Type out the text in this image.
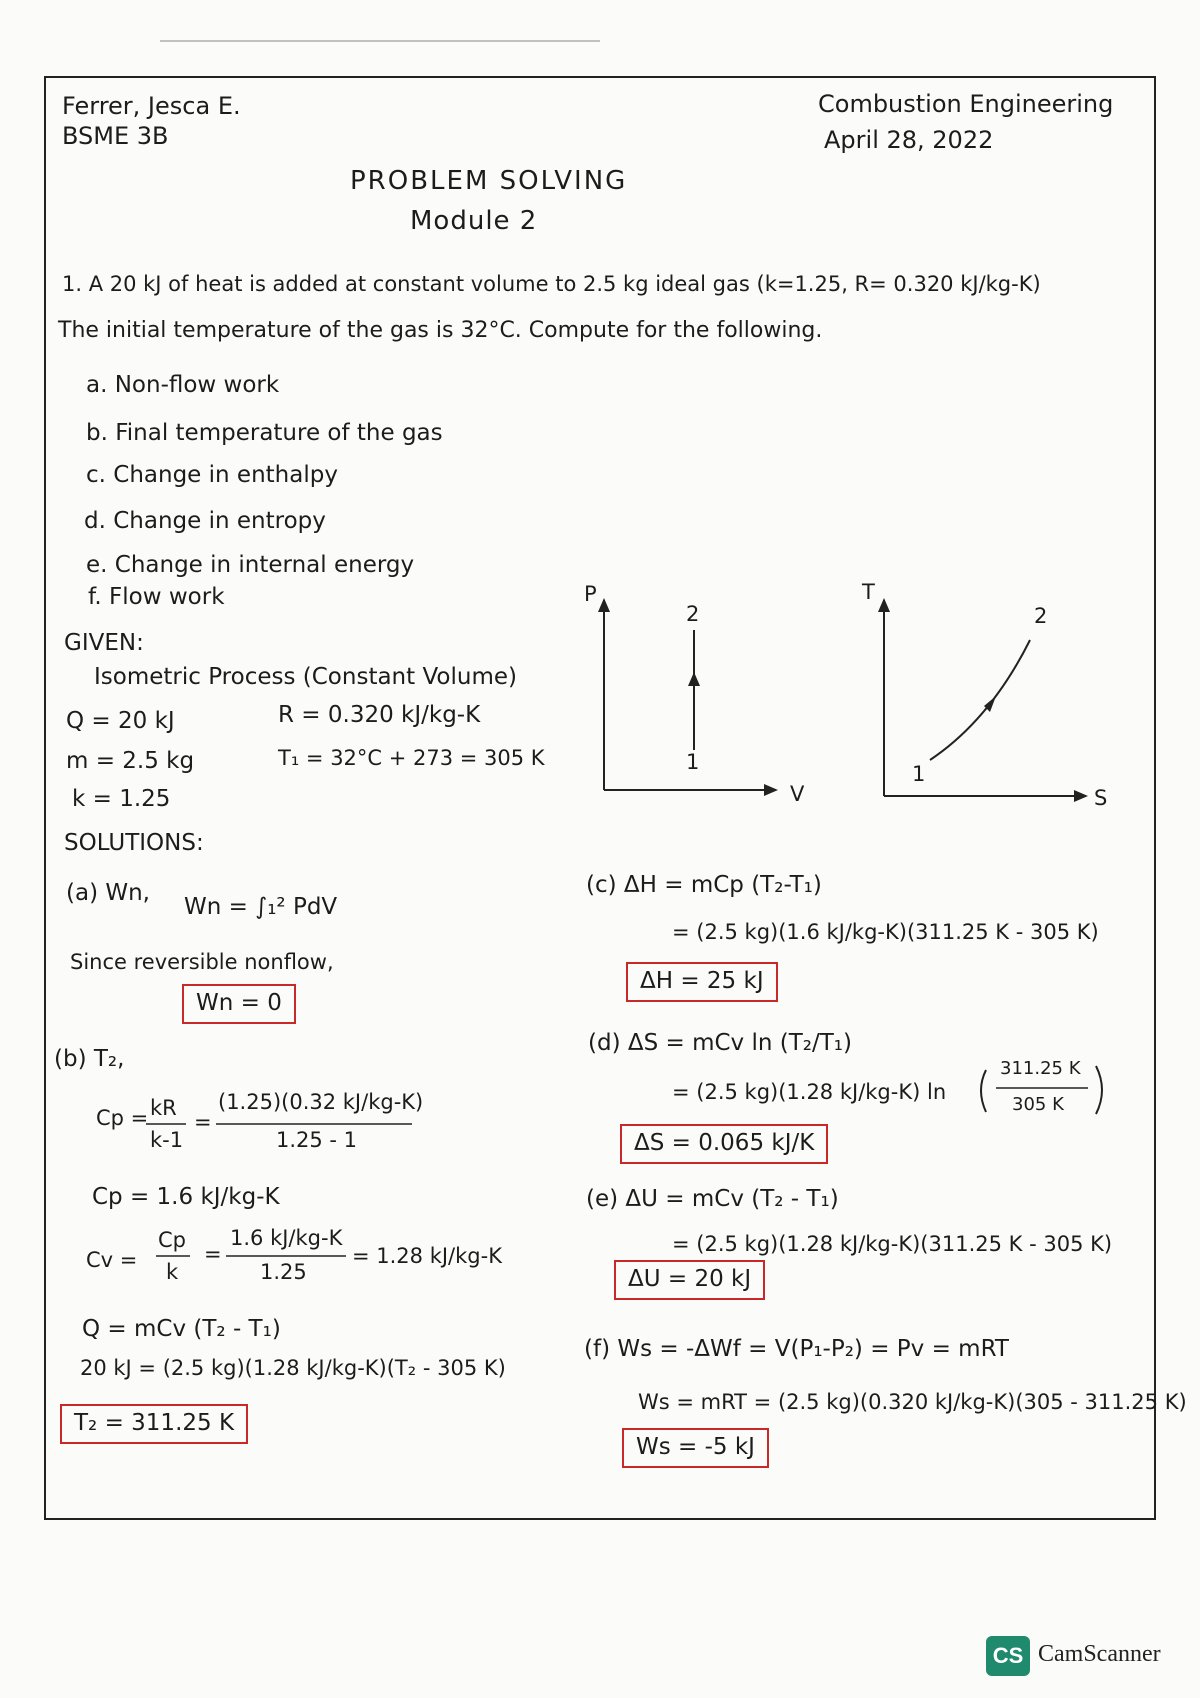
Ferrer, Jesca E.
BSME 3B
Combustion Engineering
April 28, 2022
PROBLEM SOLVING
Module 2
1. A 20 kJ of heat is added at constant volume to 2.5 kg ideal gas (k=1.25, R= 0.320 kJ/kg-K)
The initial temperature of the gas is 32°C. Compute for the following.
a. Non-flow work
b. Final temperature of the gas
c. Change in enthalpy
d. Change in entropy
e. Change in internal energy
f. Flow work
GIVEN:
Isometric Process (Constant Volume)
Q = 20 kJ	R = 0.320 kJ/kg-K
m = 2.5 kg	T₁ = 32°C + 273 = 305 K
k = 1.25
P
V
2
1
T
S
2
1
SOLUTIONS:
(a) Wn,
Wn = ∫₁² PdV
Since reversible nonflow,
Wn = 0
(b) T₂,
Cp = kR
k-1
=
(1.25)(0.32 kJ/kg-K)
1.25 - 1
Cp = 1.6 kJ/kg-K
Cv =
Cp
k
=
1.6 kJ/kg-K
1.25
= 1.28 kJ/kg-K
Q = mCv (T₂ - T₁)
20 kJ = (2.5 kg)(1.28 kJ/kg-K)(T₂ - 305 K)
T₂ = 311.25 K
(c) ΔH = mCp (T₂-T₁)
= (2.5 kg)(1.6 kJ/kg-K)(311.25 K - 305 K)
ΔH = 25 kJ
(d) ΔS = mCv ln (T₂/T₁)
= (2.5 kg)(1.28 kJ/kg-K) ln
311.25 K
305 K
ΔS = 0.065 kJ/K
(e) ΔU = mCv (T₂ - T₁)
= (2.5 kg)(1.28 kJ/kg-K)(311.25 K - 305 K)
ΔU = 20 kJ
(f) Ws = -ΔWf = V(P₁-P₂) = Pv = mRT
Ws = mRT = (2.5 kg)(0.320 kJ/kg-K)(305 - 311.25 K)
Ws = -5 kJ
CS CamScanner
